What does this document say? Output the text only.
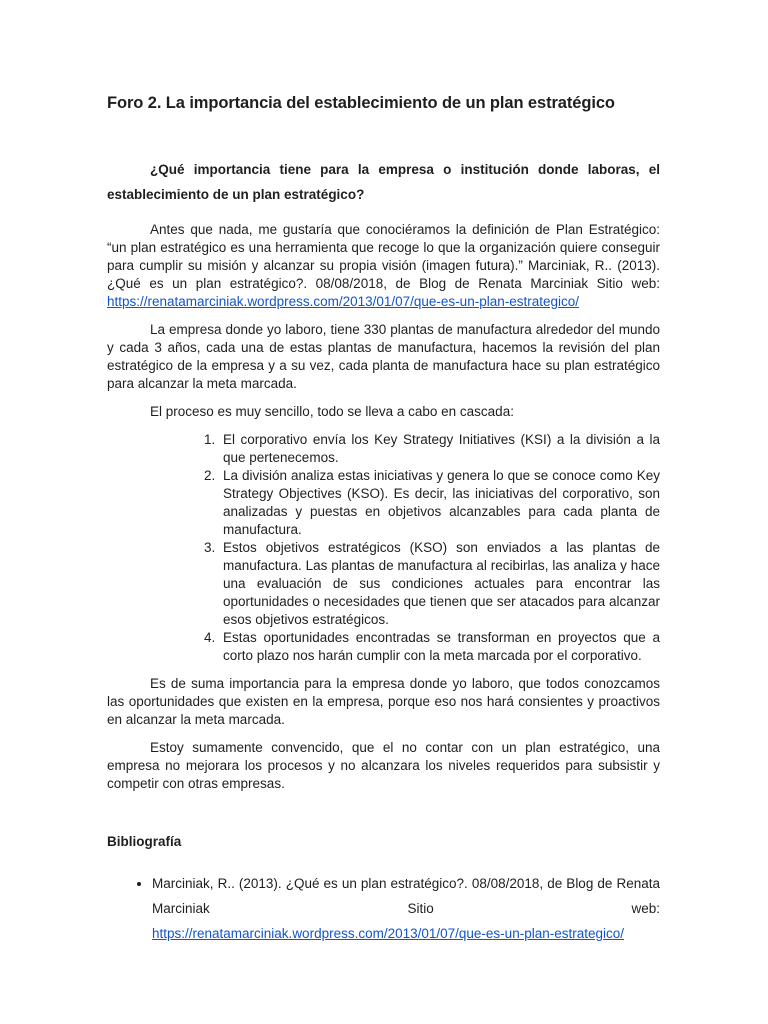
Foro 2. La importancia del establecimiento de un plan estratégico
¿Qué importancia tiene para la empresa o institución donde laboras, el establecimiento de un plan estratégico?

Antes que nada, me gustaría que conociéramos la definición de Plan Estratégico: “un plan estratégico es una herramienta que recoge lo que la organización quiere conseguir para cumplir su misión y alcanzar su propia visión (imagen futura).” Marciniak, R.. (2013). ¿Qué es un plan estratégico?. 08/08/2018, de Blog de Renata Marciniak Sitio web: https://renatamarciniak.wordpress.com/2013/01/07/que-es-un-plan-estrategico/

La empresa donde yo laboro, tiene 330 plantas de manufactura alrededor del mundo y cada 3 años, cada una de estas plantas de manufactura, hacemos la revisión del plan estratégico de la empresa y a su vez, cada planta de manufactura hace su plan estratégico para alcanzar la meta marcada.

El proceso es muy sencillo, todo se lleva a cabo en cascada:

1. El corporativo envía los Key Strategy Initiatives (KSI) a la división a la que pertenecemos.
2. La división analiza estas iniciativas y genera lo que se conoce como Key Strategy Objectives (KSO). Es decir, las iniciativas del corporativo, son analizadas y puestas en objetivos alcanzables para cada planta de manufactura.
3. Estos objetivos estratégicos (KSO) son enviados a las plantas de manufactura. Las plantas de manufactura al recibirlas, las analiza y hace una evaluación de sus condiciones actuales para encontrar las oportunidades o necesidades que tienen que ser atacados para alcanzar esos objetivos estratégicos.
4. Estas oportunidades encontradas se transforman en proyectos que a corto plazo nos harán cumplir con la meta marcada por el corporativo.

Es de suma importancia para la empresa donde yo laboro, que todos conozcamos las oportunidades que existen en la empresa, porque eso nos hará consientes y proactivos en alcanzar la meta marcada.

Estoy sumamente convencido, que el no contar con un plan estratégico, una empresa no mejorara los procesos y no alcanzara los niveles requeridos para subsistir y competir con otras empresas.

Bibliografía
• Marciniak, R.. (2013). ¿Qué es un plan estratégico?. 08/08/2018, de Blog de Renata Marciniak Sitio web:
https://renatamarciniak.wordpress.com/2013/01/07/que-es-un-plan-estrategico/
